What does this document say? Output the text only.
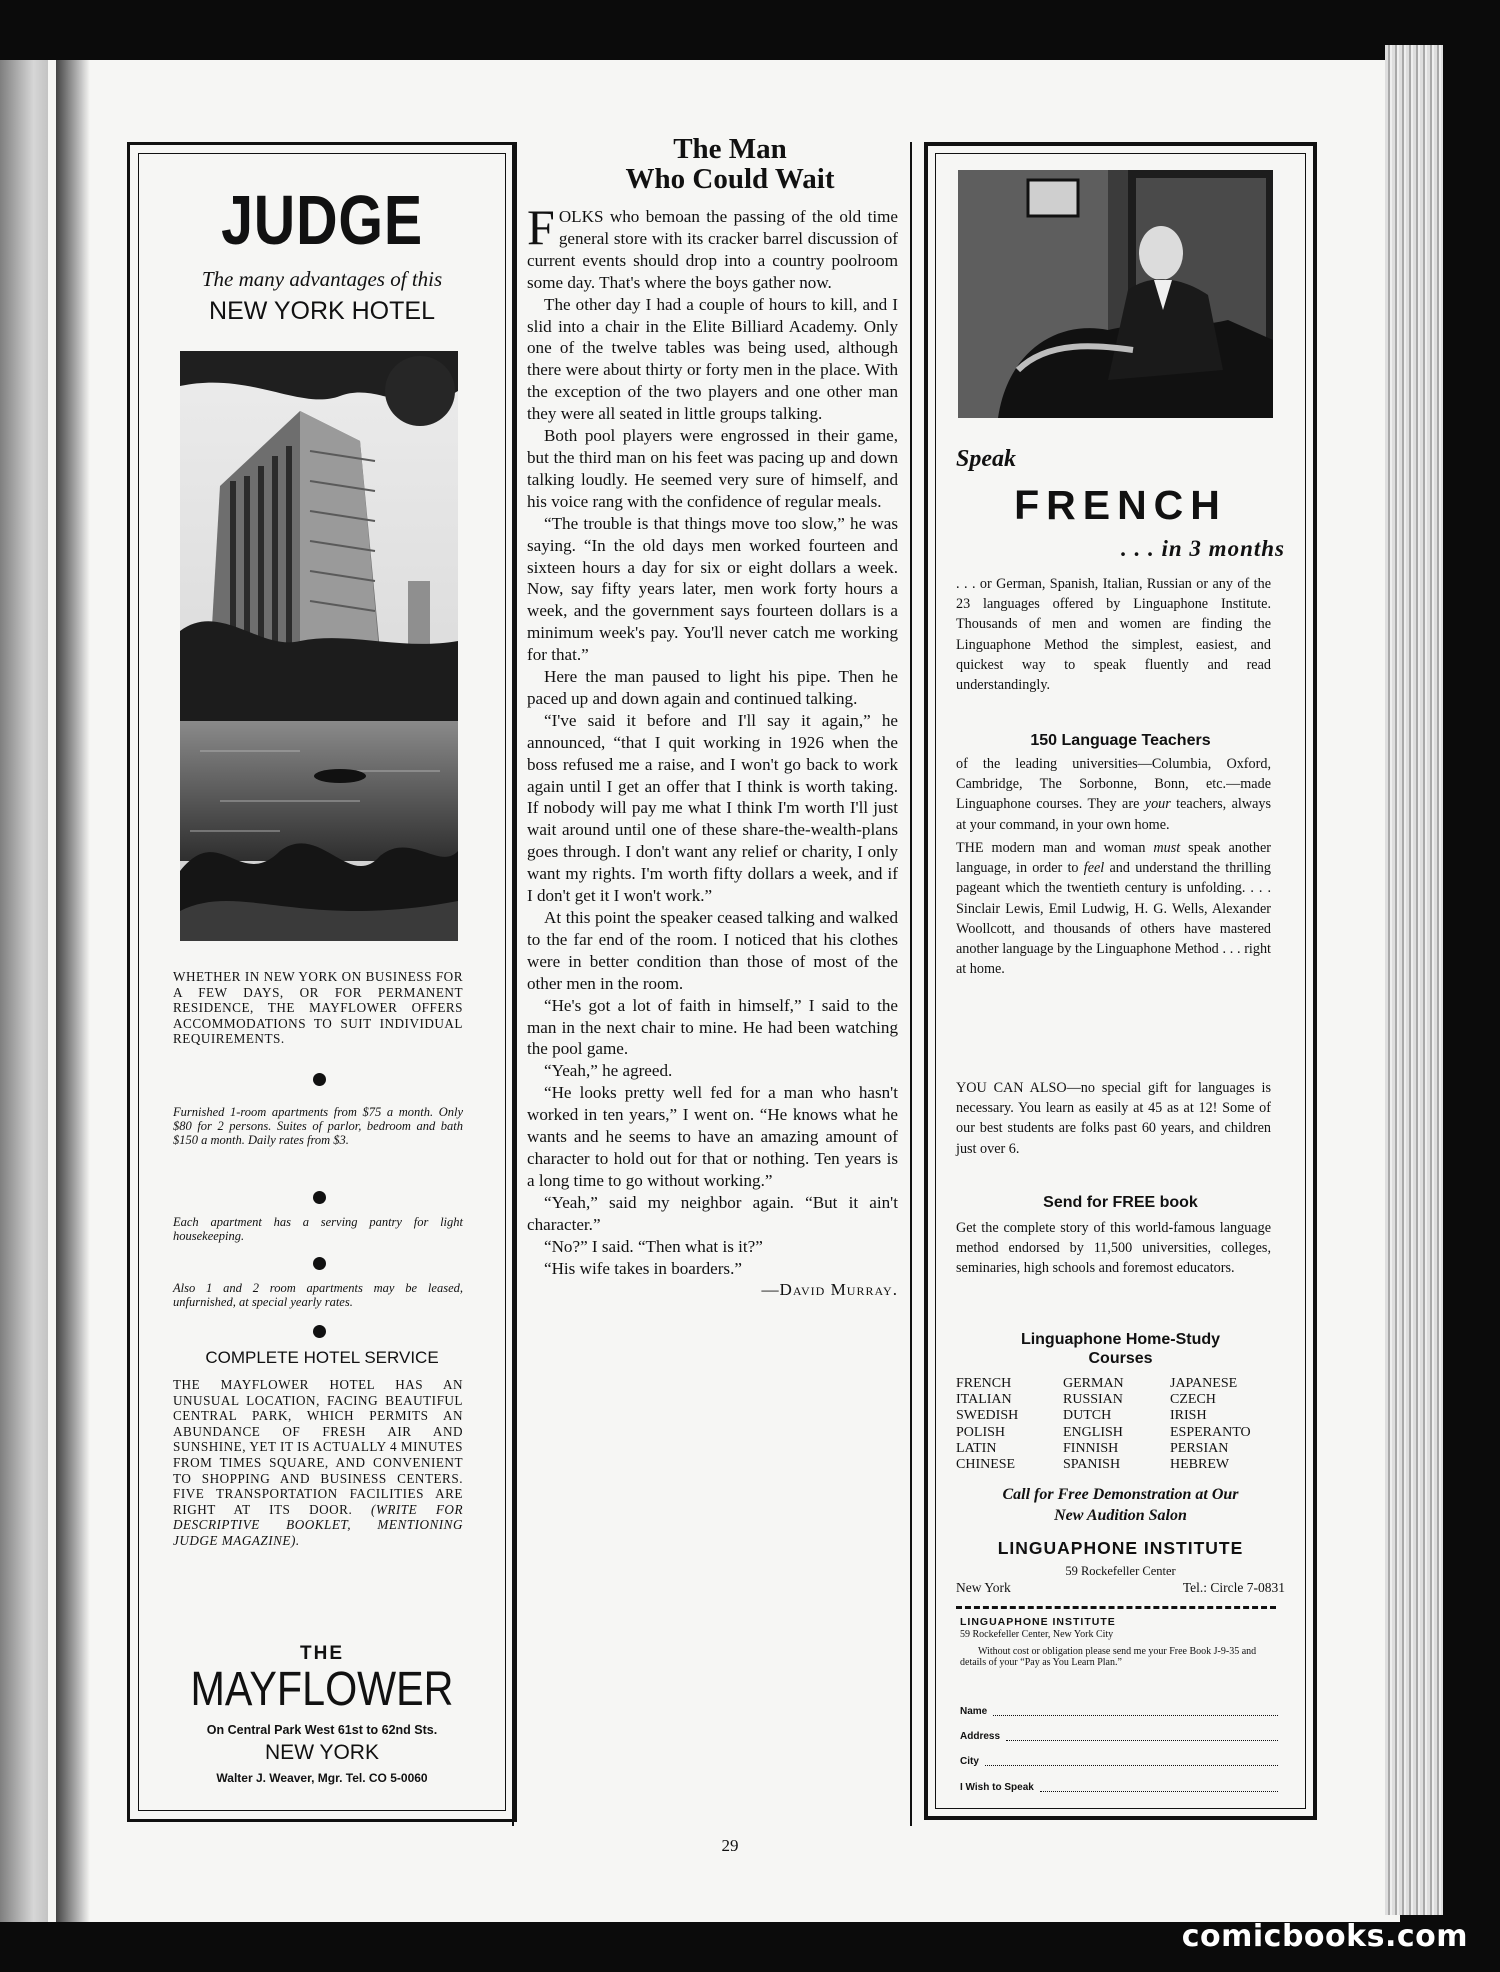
JUDGE
The many advantages of this
NEW YORK HOTEL
WHETHER IN NEW YORK ON BUSINESS FOR A FEW DAYS, OR FOR PERMANENT RESIDENCE, THE MAYFLOWER OFFERS ACCOMMODATIONS TO SUIT INDIVIDUAL REQUIREMENTS.
Furnished 1-room apartments from $75 a month. Only $80 for 2 persons. Suites of parlor, bedroom and bath $150 a month. Daily rates from $3.
Each apartment has a serving pantry for light housekeeping.
Also 1 and 2 room apartments may be leased, unfurnished, at special yearly rates.
COMPLETE HOTEL SERVICE
THE MAYFLOWER HOTEL HAS AN UNUSUAL LOCATION, FACING BEAUTIFUL CENTRAL PARK, WHICH PERMITS AN ABUNDANCE OF FRESH AIR AND SUNSHINE, YET IT IS ACTUALLY 4 MINUTES FROM TIMES SQUARE, AND CONVENIENT TO SHOPPING AND BUSINESS CENTERS. FIVE TRANSPORTATION FACILITIES ARE RIGHT AT ITS DOOR. (WRITE FOR DESCRIPTIVE BOOKLET, MENTIONING JUDGE MAGAZINE).
THE
MAYFLOWER
On Central Park West 61st to 62nd Sts.
NEW YORK
Walter J. Weaver, Mgr. Tel. CO 5-0060
The Man
Who Could Wait

FOLKS who bemoan the passing of the old time general store with its cracker barrel discussion of current events should drop into a country poolroom some day. That's where the boys gather now.

The other day I had a couple of hours to kill, and I slid into a chair in the Elite Billiard Academy. Only one of the twelve tables was being used, although there were about thirty or forty men in the place. With the exception of the two players and one other man they were all seated in little groups talking.

Both pool players were engrossed in their game, but the third man on his feet was pacing up and down talking loudly. He seemed very sure of himself, and his voice rang with the confidence of regular meals.

“The trouble is that things move too slow,” he was saying. “In the old days men worked fourteen and sixteen hours a day for six or eight dollars a week. Now, say fifty years later, men work forty hours a week, and the government says fourteen dollars is a minimum week's pay. You'll never catch me working for that.”

Here the man paused to light his pipe. Then he paced up and down again and continued talking.

“I've said it before and I'll say it again,” he announced, “that I quit working in 1926 when the boss refused me a raise, and I won't go back to work again until I get an offer that I think is worth taking. If nobody will pay me what I think I'm worth I'll just wait around until one of these share-the-wealth-plans goes through. I don't want any relief or charity, I only want my rights. I'm worth fifty dollars a week, and if I don't get it I won't work.”

At this point the speaker ceased talking and walked to the far end of the room. I noticed that his clothes were in better condition than those of most of the other men in the room.

“He's got a lot of faith in himself,” I said to the man in the next chair to mine. He had been watching the pool game.

“Yeah,” he agreed.

“He looks pretty well fed for a man who hasn't worked in ten years,” I went on. “He knows what he wants and he seems to have an amazing amount of character to hold out for that or nothing. Ten years is a long time to go without working.”

“Yeah,” said my neighbor again. “But it ain't character.”

“No?” I said. “Then what is it?”

“His wife takes in boarders.”

—David Murray.

29
Speak
FRENCH
. . . in 3 months
. . . or German, Spanish, Italian, Russian or any of the 23 languages offered by Linguaphone Institute. Thousands of men and women are finding the Linguaphone Method the simplest, easiest, and quickest way to speak fluently and read understandingly.
150 Language Teachers
of the leading universities—Columbia, Oxford, Cambridge, The Sorbonne, Bonn, etc.—made Linguaphone courses. They are your teachers, always at your command, in your own home.
THE modern man and woman must speak another language, in order to feel and understand the thrilling pageant which the twentieth century is unfolding. . . . Sinclair Lewis, Emil Ludwig, H. G. Wells, Alexander Woollcott, and thousands of others have mastered another language by the Linguaphone Method . . . right at home.
YOU CAN ALSO—no special gift for languages is necessary. You learn as easily at 45 as at 12! Some of our best students are folks past 60 years, and children just over 6.
Send for FREE book
Get the complete story of this world-famous language method endorsed by 11,500 universities, colleges, seminaries, high schools and foremost educators.
Linguaphone Home-Study Courses
FRENCH	GERMAN	JAPANESE
ITALIAN	RUSSIAN	CZECH
SWEDISH	DUTCH	IRISH
POLISH	ENGLISH	ESPERANTO
LATIN	FINNISH	PERSIAN
CHINESE	SPANISH	HEBREW
Call for Free Demonstration at Our
New Audition Salon
LINGUAPHONE INSTITUTE
59 Rockefeller Center
New York	Tel.: Circle 7-0831
LINGUAPHONE INSTITUTE
59 Rockefeller Center, New York City
Without cost or obligation please send me your Free Book J-9-35 and details of your “Pay as You Learn Plan.”
Name
Address
City
I Wish to Speak
comicbooks.com
